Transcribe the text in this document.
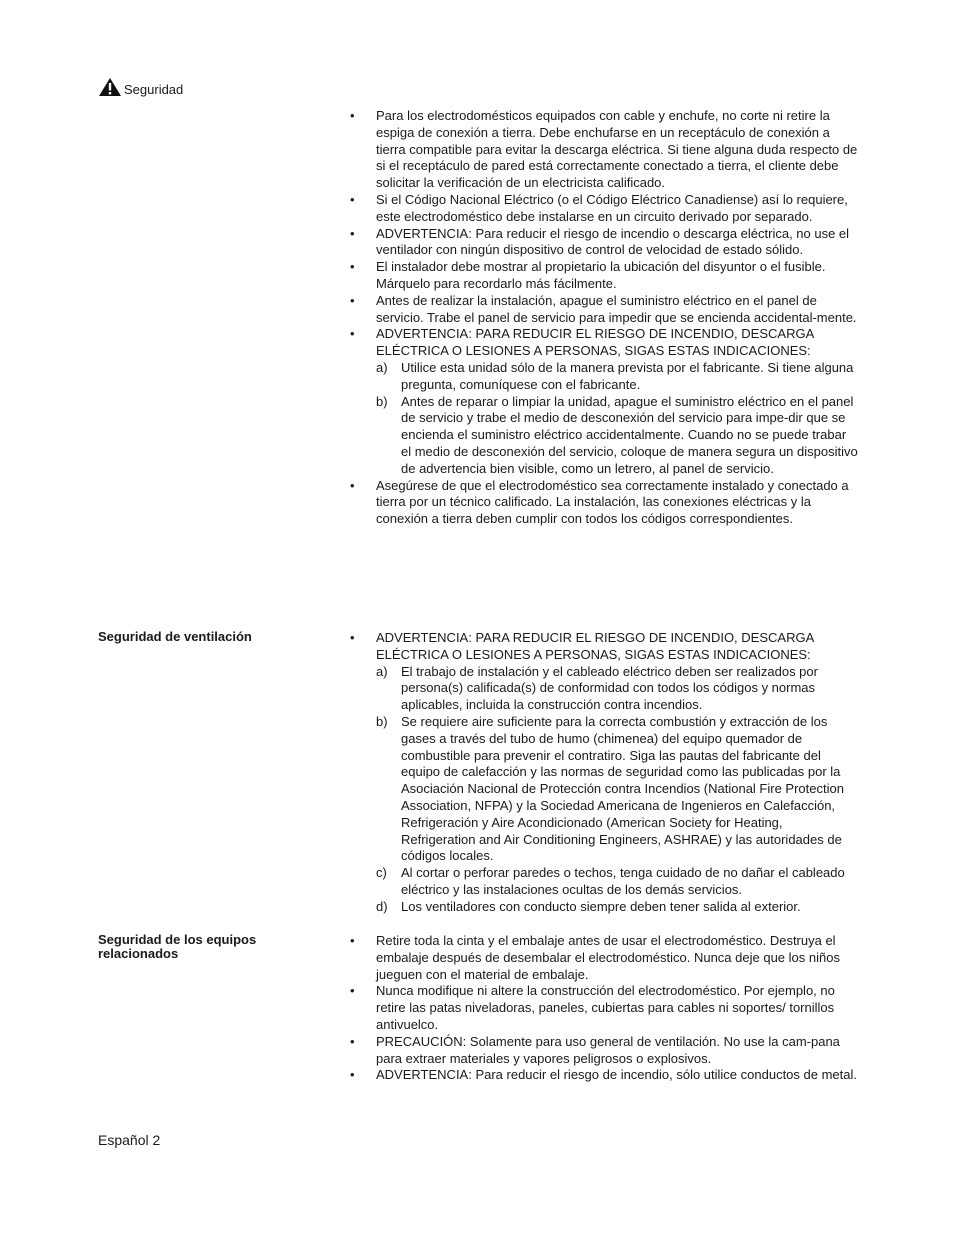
Seguridad
• Para los electrodomésticos equipados con cable y enchufe, no corte ni retire la espiga de conexión a tierra. Debe enchufarse en un receptáculo de conexión a tierra compatible para evitar la descarga eléctrica. Si tiene alguna duda respecto de si el receptáculo de pared está correctamente conectado a tierra, el cliente debe solicitar la verificación de un electricista calificado.
• Si el Código Nacional Eléctrico (o el Código Eléctrico Canadiense) así lo requiere, este electrodoméstico debe instalarse en un circuito derivado por separado.
• ADVERTENCIA: Para reducir el riesgo de incendio o descarga eléctrica, no use el ventilador con ningún dispositivo de control de velocidad de estado sólido.
• El instalador debe mostrar al propietario la ubicación del disyuntor o el fusible. Márquelo para recordarlo más fácilmente.
• Antes de realizar la instalación, apague el suministro eléctrico en el panel de servicio. Trabe el panel de servicio para impedir que se encienda accidental-mente.
• ADVERTENCIA: PARA REDUCIR EL RIESGO DE INCENDIO, DESCARGA ELÉCTRICA O LESIONES A PERSONAS, SIGAS ESTAS INDICACIONES:
a) Utilice esta unidad sólo de la manera prevista por el fabricante. Si tiene alguna pregunta, comuníquese con el fabricante.
b) Antes de reparar o limpiar la unidad, apague el suministro eléctrico en el panel de servicio y trabe el medio de desconexión del servicio para impe-dir que se encienda el suministro eléctrico accidentalmente. Cuando no se puede trabar el medio de desconexión del servicio, coloque de manera segura un dispositivo de advertencia bien visible, como un letrero, al panel de servicio.
• Asegúrese de que el electrodoméstico sea correctamente instalado y conectado a tierra por un técnico calificado. La instalación, las conexiones eléctricas y la conexión a tierra deben cumplir con todos los códigos correspondientes.
Seguridad de ventilación
•	ADVERTENCIA: PARA REDUCIR EL RIESGO DE INCENDIO, DESCARGA ELÉCTRICA O LESIONES A PERSONAS, SIGAS ESTAS INDICACIONES:
a) El trabajo de instalación y el cableado eléctrico deben ser realizados por persona(s) calificada(s) de conformidad con todos los códigos y normas aplicables, incluida la construcción contra incendios.
b) Se requiere aire suficiente para la correcta combustión y extracción de los gases a través del tubo de humo (chimenea) del equipo quemador de combustible para prevenir el contratiro. Siga las pautas del fabricante del equipo de calefacción y las normas de seguridad como las publicadas por la Asociación Nacional de Protección contra Incendios (National Fire Protection Association, NFPA) y la Sociedad Americana de Ingenieros en Calefacción, Refrigeración y Aire Acondicionado (American Society for Heating, Refrigeration and Air Conditioning Engineers, ASHRAE) y las autoridades de códigos locales.
c) Al cortar o perforar paredes o techos, tenga cuidado de no dañar el cableado eléctrico y las instalaciones ocultas de los demás servicios.
d) Los ventiladores con conducto siempre deben tener salida al exterior.
Seguridad de los equipos relacionados
• Retire toda la cinta y el embalaje antes de usar el electrodoméstico. Destruya el embalaje después de desembalar el electrodoméstico. Nunca deje que los niños jueguen con el material de embalaje.
• Nunca modifique ni altere la construcción del electrodoméstico. Por ejemplo, no retire las patas niveladoras, paneles, cubiertas para cables ni soportes/ tornillos antivuelco.
• PRECAUCIÓN: Solamente para uso general de ventilación. No use la cam-pana para extraer materiales y vapores peligrosos o explosivos.
• ADVERTENCIA: Para reducir el riesgo de incendio, sólo utilice conductos de metal.
Español 2
